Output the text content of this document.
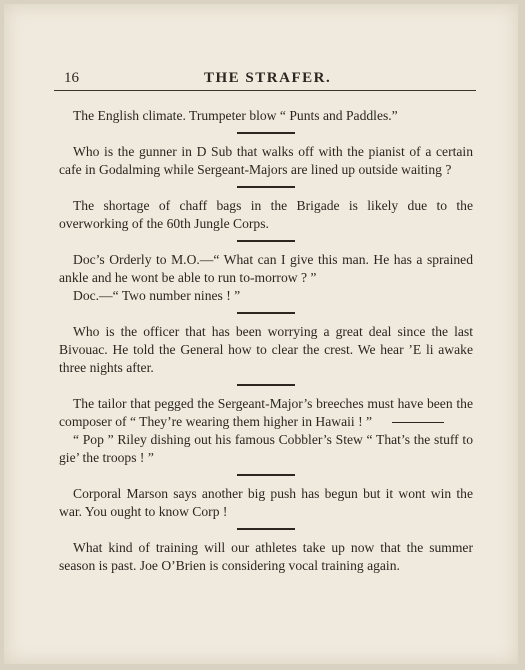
16	THE STRAFER.

The English climate. Trumpeter blow “ Punts and Paddles.”

Who is the gunner in D Sub that walks off with the pianist of a certain cafe in Godalming while Sergeant-Majors are lined up outside waiting ?

The shortage of chaff bags in the Brigade is likely due to the overworking of the 60th Jungle Corps.

Doc’s Orderly to M.O.—“ What can I give this man. He has a sprained ankle and he wont be able to run to-morrow ? ”

Doc.—“ Two number nines ! ”

Who is the officer that has been worrying a great deal since the last Bivouac. He told the General how to clear the crest. We hear ’E li awake three nights after.

The tailor that pegged the Sergeant-Major’s breeches must have been the composer of “ They’re wearing them higher in Hawaii ! ”

“ Pop ” Riley dishing out his famous Cobbler’s Stew “ That’s the stuff to gie’ the troops ! ”

Corporal Marson says another big push has begun but it wont win the war. You ought to know Corp !

What kind of training will our athletes take up now that the summer season is past. Joe O’Brien is considering vocal training again.
